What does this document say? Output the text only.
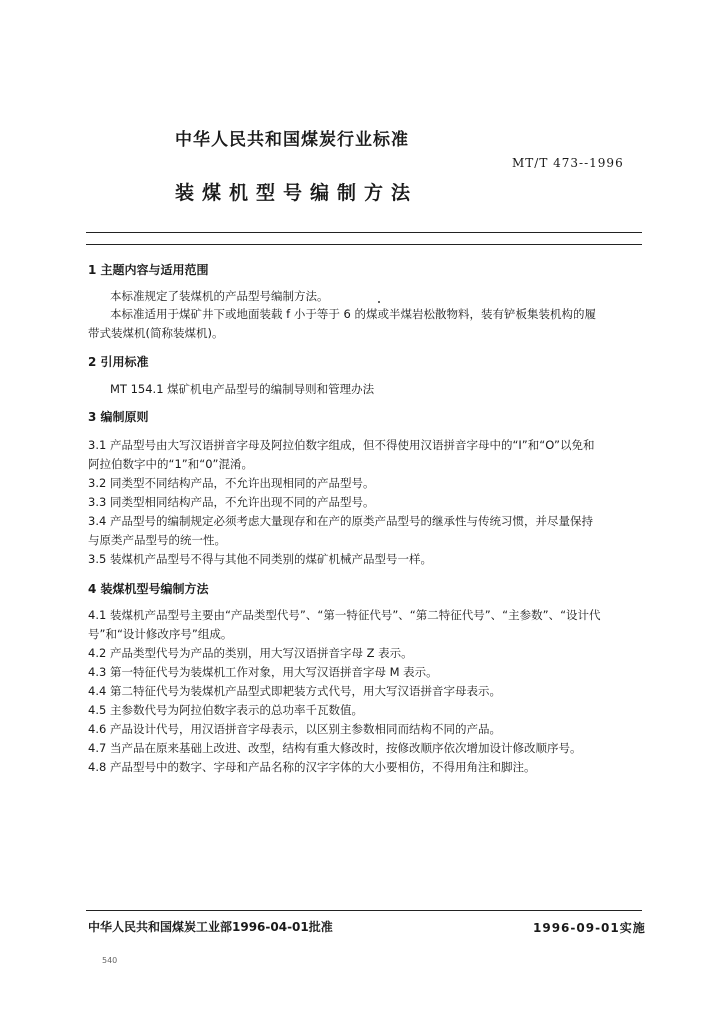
中华人民共和国煤炭行业标准
MT/T 473--1996
装煤机型号编制方法
1 主题内容与适用范围
本标准规定了装煤机的产品型号编制方法。
本标准适用于煤矿井下或地面装载 f 小于等于 6 的煤或半煤岩松散物料，装有铲板集装机构的履
带式装煤机(简称装煤机)。
2 引用标准
MT 154.1 煤矿机电产品型号的编制导则和管理办法
3 编制原则
3.1 产品型号由大写汉语拼音字母及阿拉伯数字组成，但不得使用汉语拼音字母中的“I”和“O”以免和
阿拉伯数字中的“1”和“0”混淆。
3.2 同类型不同结构产品，不允许出现相同的产品型号。
3.3 同类型相同结构产品，不允许出现不同的产品型号。
3.4 产品型号的编制规定必须考虑大量现存和在产的原类产品型号的继承性与传统习惯，并尽量保持
与原类产品型号的统一性。
3.5 装煤机产品型号不得与其他不同类别的煤矿机械产品型号一样。
4 装煤机型号编制方法
4.1 装煤机产品型号主要由“产品类型代号”、“第一特征代号”、“第二特征代号”、“主参数”、“设计代
号”和“设计修改序号”组成。
4.2 产品类型代号为产品的类别，用大写汉语拼音字母 Z 表示。
4.3 第一特征代号为装煤机工作对象，用大写汉语拼音字母 M 表示。
4.4 第二特征代号为装煤机产品型式即耙装方式代号，用大写汉语拼音字母表示。
4.5 主参数代号为阿拉伯数字表示的总功率千瓦数值。
4.6 产品设计代号，用汉语拼音字母表示，以区别主参数相同而结构不同的产品。
4.7 当产品在原来基础上改进、改型，结构有重大修改时，按修改顺序依次增加设计修改顺序号。
4.8 产品型号中的数字、字母和产品名称的汉字字体的大小要相仿，不得用角注和脚注。
中华人民共和国煤炭工业部1996-04-01批准	1996-09-01实施
540
